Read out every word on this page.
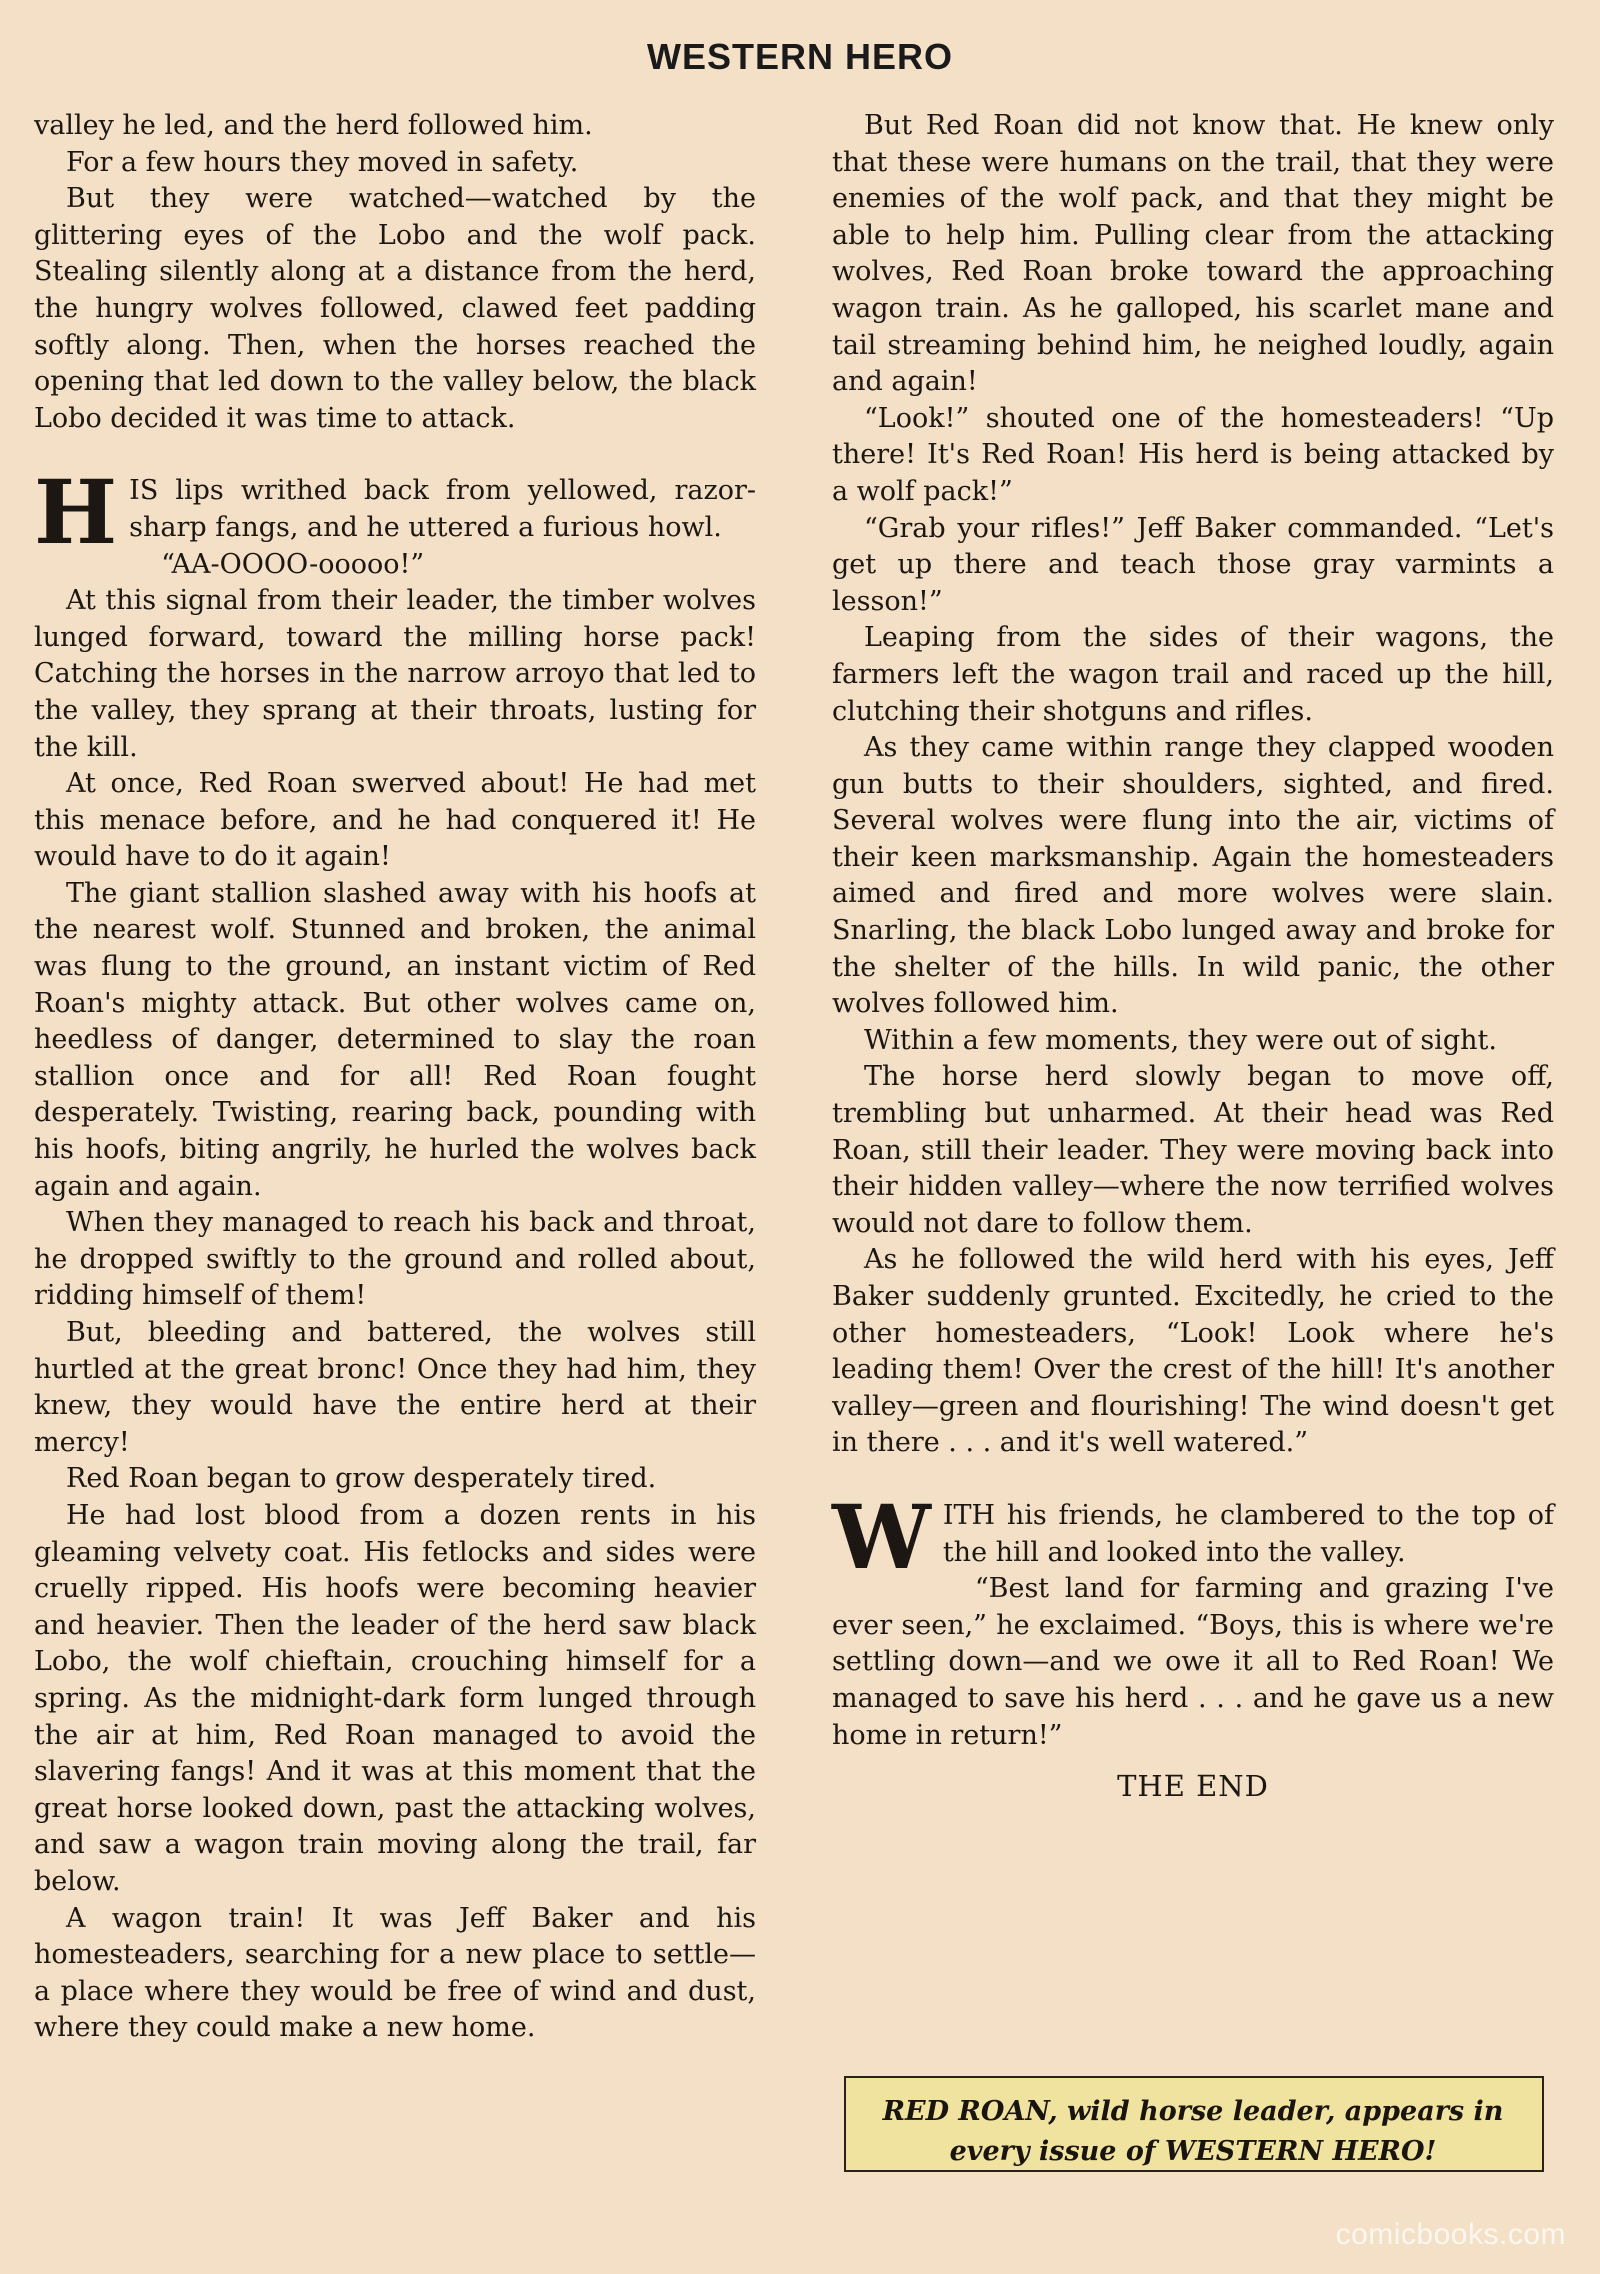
WESTERN HERO

valley he led, and the herd followed him.

For a few hours they moved in safety.

But they were watched—watched by the glittering eyes of the Lobo and the wolf pack. Stealing silently along at a distance from the herd, the hungry wolves followed, clawed feet padding softly along. Then, when the horses reached the opening that led down to the valley below, the black Lobo decided it was time to attack.

HIS lips writhed back from yellowed, razor-sharp fangs, and he uttered a furious howl.

“AA-OOOO-ooooo!”

At this signal from their leader, the timber wolves lunged forward, toward the milling horse pack! Catching the horses in the narrow arroyo that led to the valley, they sprang at their throats, lusting for the kill.

At once, Red Roan swerved about! He had met this menace before, and he had conquered it! He would have to do it again!

The giant stallion slashed away with his hoofs at the nearest wolf. Stunned and broken, the animal was flung to the ground, an instant victim of Red Roan's mighty attack. But other wolves came on, heedless of danger, determined to slay the roan stallion once and for all! Red Roan fought desperately. Twisting, rearing back, pounding with his hoofs, biting angrily, he hurled the wolves back again and again.

When they managed to reach his back and throat, he dropped swiftly to the ground and rolled about, ridding himself of them!

But, bleeding and battered, the wolves still hurtled at the great bronc! Once they had him, they knew, they would have the entire herd at their mercy!

Red Roan began to grow desperately tired.

He had lost blood from a dozen rents in his gleaming velvety coat. His fetlocks and sides were cruelly ripped. His hoofs were becoming heavier and heavier. Then the leader of the herd saw black Lobo, the wolf chieftain, crouching himself for a spring. As the midnight-dark form lunged through the air at him, Red Roan managed to avoid the slavering fangs! And it was at this moment that the great horse looked down, past the attacking wolves, and saw a wagon train moving along the trail, far below.

A wagon train! It was Jeff Baker and his homesteaders, searching for a new place to settle—a place where they would be free of wind and dust, where they could make a new home.

But Red Roan did not know that. He knew only that these were humans on the trail, that they were enemies of the wolf pack, and that they might be able to help him. Pulling clear from the attacking wolves, Red Roan broke toward the approaching wagon train. As he galloped, his scarlet mane and tail streaming behind him, he neighed loudly, again and again!

“Look!” shouted one of the homesteaders! “Up there! It's Red Roan! His herd is being attacked by a wolf pack!”

“Grab your rifles!” Jeff Baker commanded. “Let's get up there and teach those gray varmints a lesson!”

Leaping from the sides of their wagons, the farmers left the wagon trail and raced up the hill, clutching their shotguns and rifles.

As they came within range they clapped wooden gun butts to their shoulders, sighted, and fired. Several wolves were flung into the air, victims of their keen marksmanship. Again the homesteaders aimed and fired and more wolves were slain. Snarling, the black Lobo lunged away and broke for the shelter of the hills. In wild panic, the other wolves followed him.

Within a few moments, they were out of sight.

The horse herd slowly began to move off, trembling but unharmed. At their head was Red Roan, still their leader. They were moving back into their hidden valley—where the now terrified wolves would not dare to follow them.

As he followed the wild herd with his eyes, Jeff Baker suddenly grunted. Excitedly, he cried to the other homesteaders, “Look! Look where he's leading them! Over the crest of the hill! It's another valley—green and flourishing! The wind doesn't get in there . . . and it's well watered.”

WITH his friends, he clambered to the top of the hill and looked into the valley.

“Best land for farming and grazing I've ever seen,” he exclaimed. “Boys, this is where we're settling down—and we owe it all to Red Roan! We managed to save his herd . . . and he gave us a new home in return!”

THE END
RED ROAN, wild horse leader, appears in every issue of WESTERN HERO!
comicbooks.com
